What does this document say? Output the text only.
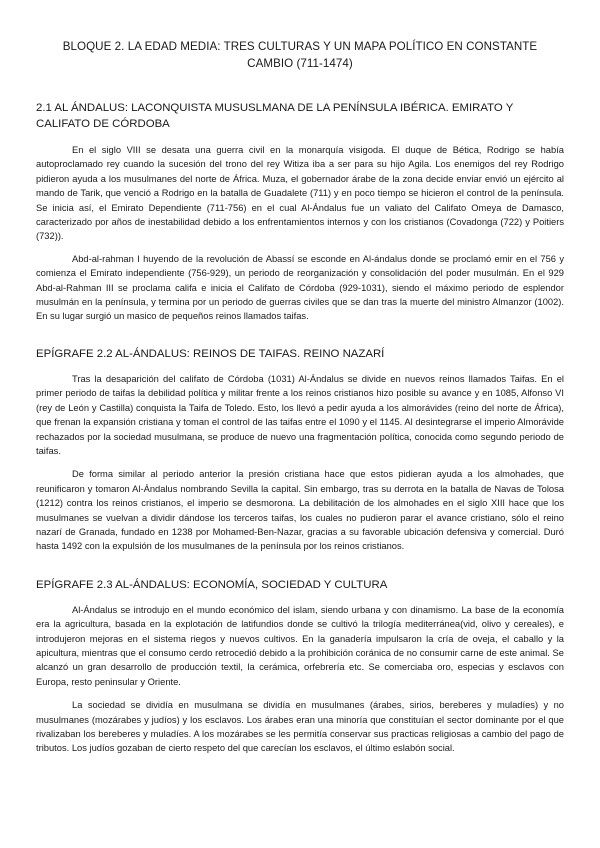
BLOQUE 2. LA EDAD MEDIA: TRES CULTURAS Y UN MAPA POLÍTICO EN CONSTANTE CAMBIO (711-1474)
2.1 AL ÁNDALUS: LACONQUISTA MUSUSLMANA DE LA PENÍNSULA IBÉRICA. EMIRATO Y CALIFATO DE CÓRDOBA

En el siglo VIII se desata una guerra civil en la monarquía visigoda. El duque de Bética, Rodrigo se había autoproclamado rey cuando la sucesión del trono del rey Witiza iba a ser para su hijo Agila. Los enemigos del rey Rodrigo pidieron ayuda a los musulmanes del norte de África. Muza, el gobernador árabe de la zona decide enviar envió un ejército al mando de Tarik, que venció a Rodrigo en la batalla de Guadalete (711) y en poco tiempo se hicieron el control de la península. Se inicia así, el Emirato Dependiente (711-756) en el cual Al-Ándalus fue un valiato del Califato Omeya de Damasco, caracterizado por años de inestabilidad debido a los enfrentamientos internos y con los cristianos (Covadonga (722) y Poitiers (732)).

Abd-al-rahman I huyendo de la revolución de Abassí se esconde en Al-ándalus donde se proclamó emir en el 756 y comienza el Emirato independiente (756-929), un periodo de reorganización y consolidación del poder musulmán. En el 929 Abd-al-Rahman III se proclama califa e inicia el Califato de Córdoba (929-1031), siendo el máximo periodo de esplendor musulmán en la península, y termina por un periodo de guerras civiles que se dan tras la muerte del ministro Almanzor (1002). En su lugar surgió un masico de pequeños reinos llamados taifas.

EPÍGRAFE 2.2 AL-ÁNDALUS: REINOS DE TAIFAS. REINO NAZARÍ

Tras la desaparición del califato de Córdoba (1031) Al-Ándalus se divide en nuevos reinos llamados Taifas. En el primer periodo de taifas la debilidad política y militar frente a los reinos cristianos hizo posible su avance y en 1085, Alfonso VI (rey de León y Castilla) conquista la Taifa de Toledo. Esto, los llevó a pedir ayuda a los almorávides (reino del norte de África), que frenan la expansión cristiana y toman el control de las taifas entre el 1090 y el 1145. Al desintegrarse el imperio Almorávide rechazados por la sociedad musulmana, se produce de nuevo una fragmentación política, conocida como segundo periodo de taifas.

De forma similar al periodo anterior la presión cristiana hace que estos pidieran ayuda a los almohades, que reunificaron y tomaron Al-Ándalus nombrando Sevilla la capital. Sin embargo, tras su derrota en la batalla de Navas de Tolosa (1212) contra los reinos cristianos, el imperio se desmorona. La debilitación de los almohades en el siglo XIII hace que los musulmanes se vuelvan a dividir dándose los terceros taifas, los cuales no pudieron parar el avance cristiano, sólo el reino nazarí de Granada, fundado en 1238 por Mohamed-Ben-Nazar, gracias a su favorable ubicación defensiva y comercial. Duró hasta 1492 con la expulsión de los musulmanes de la península por los reinos cristianos.

EPÍGRAFE 2.3 AL-ÁNDALUS: ECONOMÍA, SOCIEDAD Y CULTURA

Al-Ándalus se introdujo en el mundo económico del islam, siendo urbana y con dinamismo. La base de la economía era la agricultura, basada en la explotación de latifundios donde se cultivó la trilogía mediterránea(vid, olivo y cereales), e introdujeron mejoras en el sistema riegos y nuevos cultivos. En la ganadería impulsaron la cría de oveja, el caballo y la apicultura, mientras que el consumo cerdo retrocedió debido a la prohibición coránica de no consumir carne de este animal. Se alcanzó un gran desarrollo de producción textil, la cerámica, orfebrería etc. Se comerciaba oro, especias y esclavos con Europa, resto peninsular y Oriente.

La sociedad se dividía en musulmana se dividía en musulmanes (árabes, sirios, bereberes y muladíes) y no musulmanes (mozárabes y judíos) y los esclavos. Los árabes eran una minoría que constituían el sector dominante por el que rivalizaban los bereberes y muladíes. A los mozárabes se les permitía conservar sus practicas religiosas a cambio del pago de tributos. Los judíos gozaban de cierto respeto del que carecían los esclavos, el último eslabón social.
